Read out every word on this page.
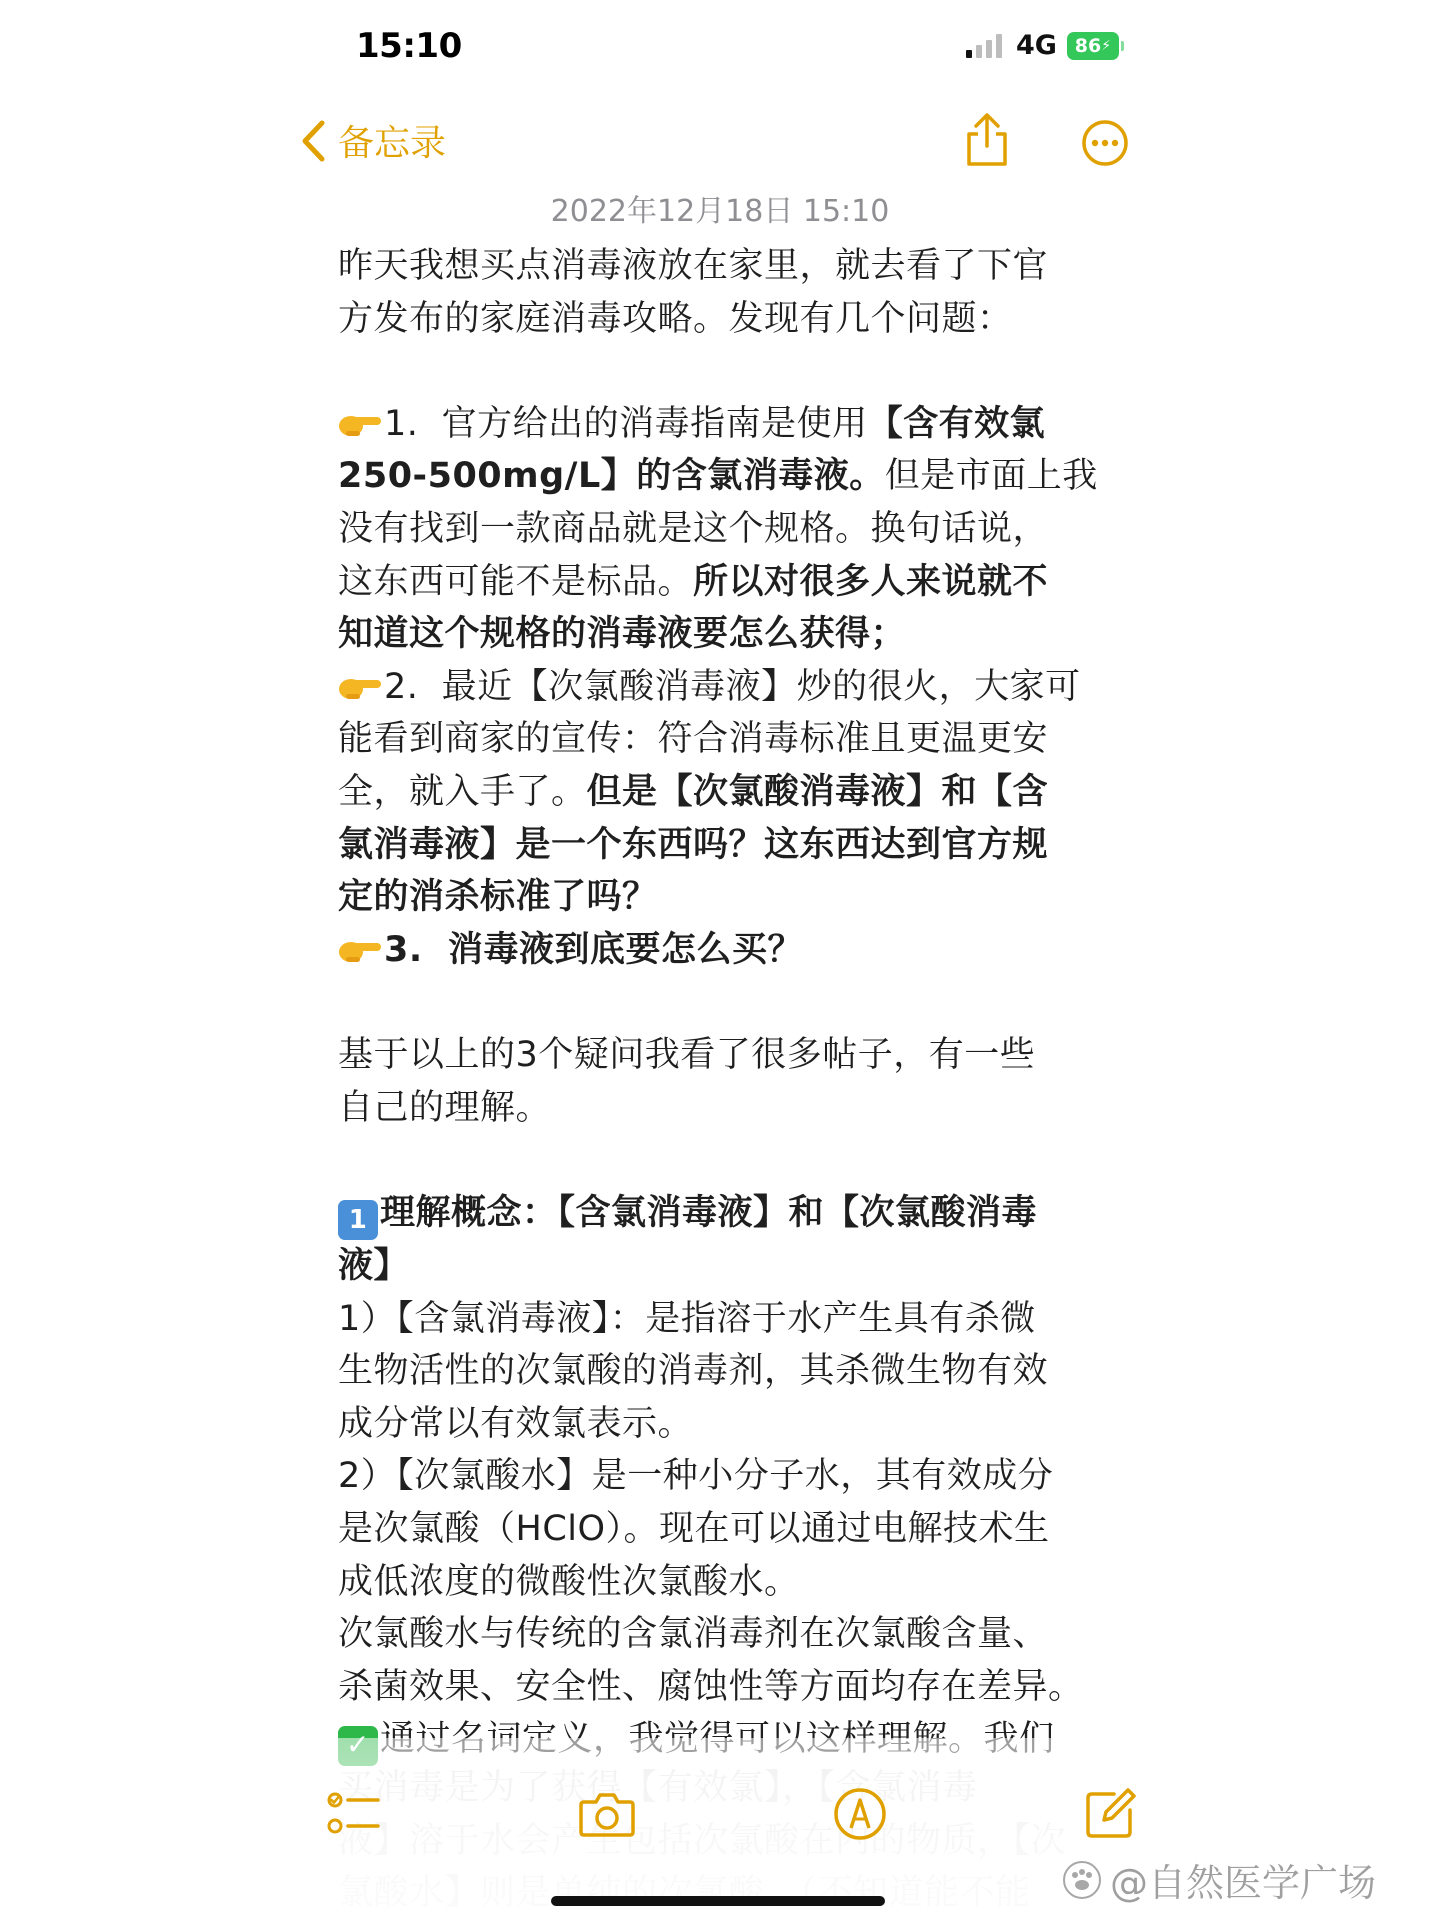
15:10	4G 86 ⚡
备忘录
2022年12月18日 15:10
昨天我想买点消毒液放在家里，就去看了下官
方发布的家庭消毒攻略。发现有几个问题：
1.  官方给出的消毒指南是使用【含有效氯
250-500mg/L】的含氯消毒液。但是市面上我
没有找到一款商品就是这个规格。换句话说，
这东西可能不是标品。所以对很多人来说就不
知道这个规格的消毒液要怎么获得；
2.  最近【次氯酸消毒液】炒的很火，大家可
能看到商家的宣传：符合消毒标准且更温更安
全，就入手了。但是【次氯酸消毒液】和【含
氯消毒液】是一个东西吗？这东西达到官方规
定的消杀标准了吗？
3.  消毒液到底要怎么买？
基于以上的3个疑问我看了很多帖子，有一些
自己的理解。
1 理解概念：【含氯消毒液】和【次氯酸消毒
液】
1）【含氯消毒液】：是指溶于水产生具有杀微
生物活性的次氯酸的消毒剂，其杀微生物有效
成分常以有效氯表示。
2）【次氯酸水】是一种小分子水，其有效成分
是次氯酸（HClO）。现在可以通过电解技术生
成低浓度的微酸性次氯酸水。
次氯酸水与传统的含氯消毒剂在次氯酸含量、
杀菌效果、安全性、腐蚀性等方面均存在差异。
@自然医学广场
